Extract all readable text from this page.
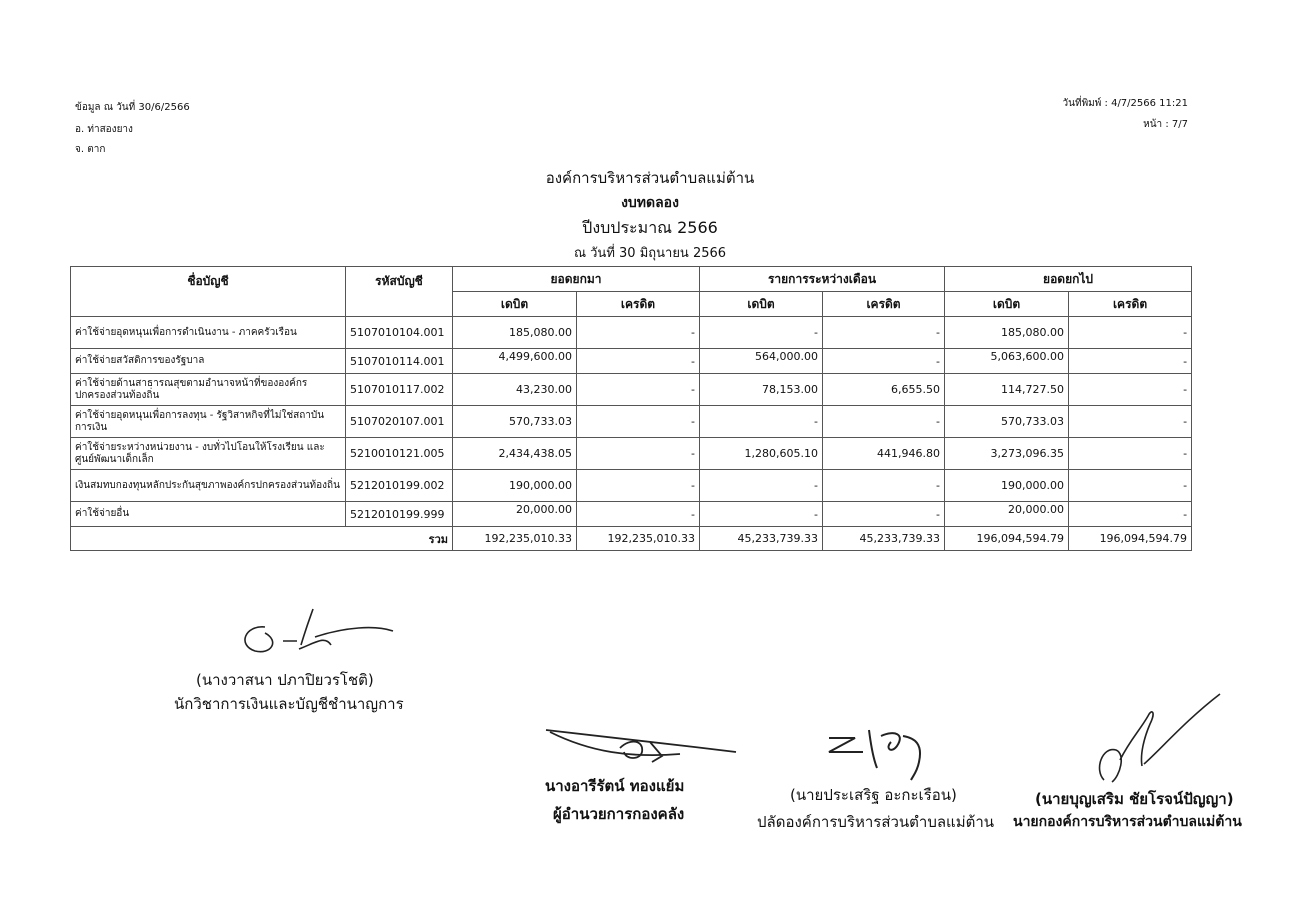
ข้อมูล ณ วันที่ 30/6/2566
อ. ท่าสองยาง
จ. ตาก
วันที่พิมพ์ : 4/7/2566 11:21
หน้า : 7/7
องค์การบริหารส่วนตำบลแม่ต้าน
งบทดลอง
ปีงบประมาณ 2566
ณ วันที่ 30 มิถุนายน 2566
ชื่อบัญชี	รหัสบัญชี	ยอดยกมา		รายการระหว่างเดือน		ยอดยกไป	
		เดบิต	เครดิต	เดบิต	เครดิต	เดบิต	เครดิต
ค่าใช้จ่ายอุดหนุนเพื่อการดำเนินงาน - ภาคครัวเรือน	5107010104.001	185,080.00	-	-	-	185,080.00	-
ค่าใช้จ่ายสวัสดิการของรัฐบาล	5107010114.001	4,499,600.00	-	564,000.00	-	5,063,600.00	-
ค่าใช้จ่ายด้านสาธารณสุขตามอำนาจหน้าที่ขององค์กรปกครองส่วนท้องถิ่น	5107010117.002	43,230.00	-	78,153.00	6,655.50	114,727.50	-
ค่าใช้จ่ายอุดหนุนเพื่อการลงทุน - รัฐวิสาหกิจที่ไม่ใช่สถาบันการเงิน	5107020107.001	570,733.03	-	-	-	570,733.03	-
ค่าใช้จ่ายระหว่างหน่วยงาน - งบทั่วไปโอนให้โรงเรียน และศูนย์พัฒนาเด็กเล็ก	5210010121.005	2,434,438.05	-	1,280,605.10	441,946.80	3,273,096.35	-
เงินสมทบกองทุนหลักประกันสุขภาพองค์กรปกครองส่วนท้องถิ่น	5212010199.002	190,000.00	-	-	-	190,000.00	-
ค่าใช้จ่ายอื่น	5212010199.999	20,000.00	-	-	-	20,000.00	-
รวม		192,235,010.33	192,235,010.33	45,233,739.33	45,233,739.33	196,094,594.79	196,094,594.79
(นางวาสนา ปภาปิยวรโชติ)
นักวิชาการเงินและบัญชีชำนาญการ
นางอารีรัตน์ ทองแย้ม
ผู้อำนวยการกองคลัง
(นายประเสริฐ อะกะเรือน)
ปลัดองค์การบริหารส่วนตำบลแม่ต้าน
(นายบุญเสริม ชัยโรจน์ปัญญา)
นายกองค์การบริหารส่วนตำบลแม่ต้าน
